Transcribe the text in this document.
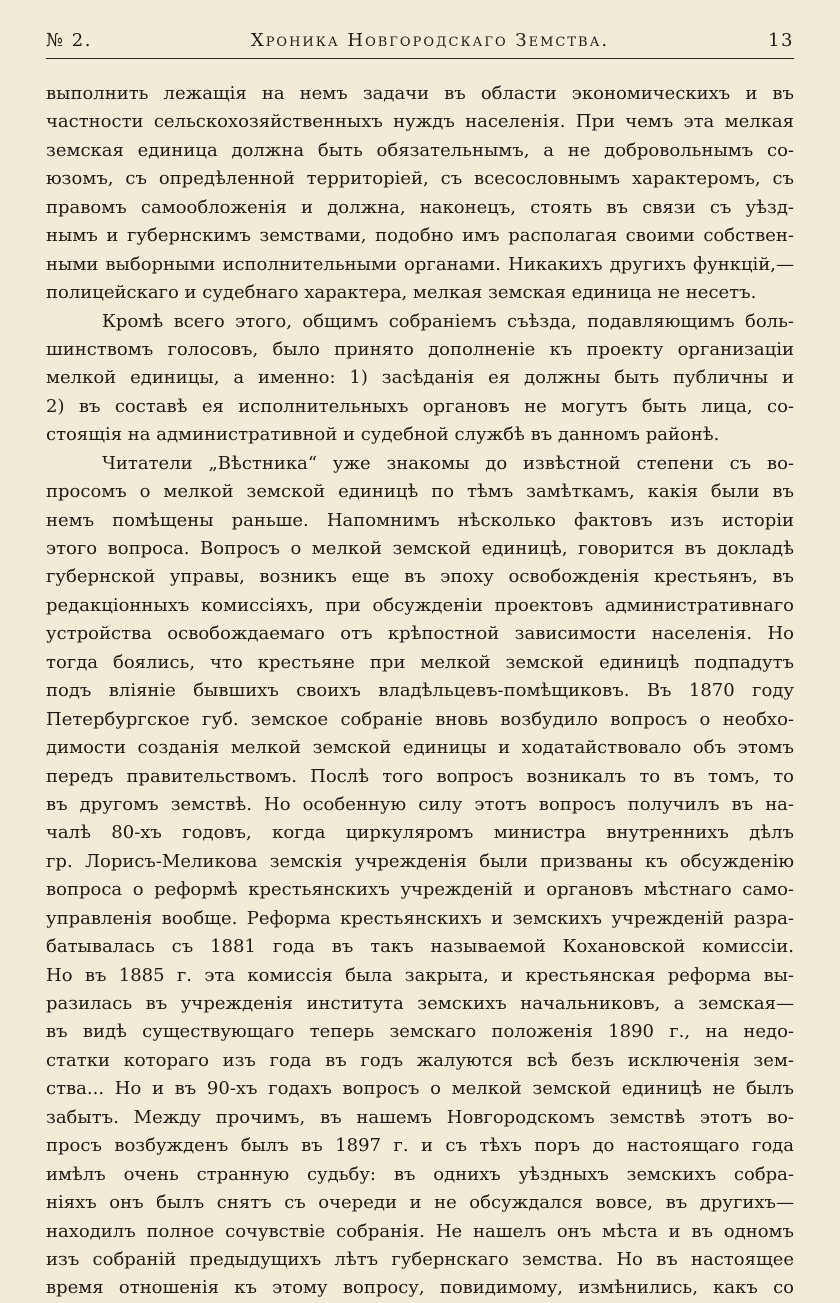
№ 2.	Хроника Новгородскаго Земства.	13
выполнить лежащія на немъ задачи въ области экономическихъ и въ
частности сельскохозяйственныхъ нуждъ населенія. При чемъ эта мелкая
земская единица должна быть обязательнымъ, а не добровольнымъ со-
юзомъ, съ опредѣленной территоріей, съ всесословнымъ характеромъ, съ
правомъ самообложенія и должна, наконецъ, стоять въ связи съ уѣзд-
нымъ и губернскимъ земствами, подобно имъ располагая своими собствен-
ными выборными исполнительными органами. Никакихъ другихъ функцій,—
полицейскаго и судебнаго характера, мелкая земская единица не несетъ.
Кромѣ всего этого, общимъ собраніемъ съѣзда, подавляющимъ боль-
шинствомъ голосовъ, было принято дополненіе къ проекту организаціи
мелкой единицы, а именно: 1) засѣданія ея должны быть публичны и
2) въ составѣ ея исполнительныхъ органовъ не могутъ быть лица, со-
стоящія на административной и судебной службѣ въ данномъ районѣ.
Читатели „Вѣстника“ уже знакомы до извѣстной степени съ во-
просомъ о мелкой земской единицѣ по тѣмъ замѣткамъ, какія были въ
немъ помѣщены раньше. Напомнимъ нѣсколько фактовъ изъ исторіи
этого вопроса. Вопросъ о мелкой земской единицѣ, говорится въ докладѣ
губернской управы, возникъ еще въ эпоху освобожденія крестьянъ, въ
редакціонныхъ комиссіяхъ, при обсужденіи проектовъ административнаго
устройства освобождаемаго отъ крѣпостной зависимости населенія. Но
тогда боялись, что крестьяне при мелкой земской единицѣ подпадутъ
подъ вліяніе бывшихъ своихъ владѣльцевъ-помѣщиковъ. Въ 1870 году
Петербургское губ. земское собраніе вновь возбудило вопросъ о необхо-
димости созданія мелкой земской единицы и ходатайствовало объ этомъ
передъ правительствомъ. Послѣ того вопросъ возникалъ то въ томъ, то
въ другомъ земствѣ. Но особенную силу этотъ вопросъ получилъ въ на-
чалѣ 80-хъ годовъ, когда циркуляромъ министра внутреннихъ дѣлъ
гр. Лорисъ-Меликова земскія учрежденія были призваны къ обсужденію
вопроса о реформѣ крестьянскихъ учрежденій и органовъ мѣстнаго само-
управленія вообще. Реформа крестьянскихъ и земскихъ учрежденій разра-
батывалась съ 1881 года въ такъ называемой Кохановской комиссіи.
Но въ 1885 г. эта комиссія была закрыта, и крестьянская реформа вы-
разилась въ учрежденія института земскихъ начальниковъ, а земская—
въ видѣ существующаго теперь земскаго положенія 1890 г., на недо-
статки котораго изъ года въ годъ жалуются всѣ безъ исключенія зем-
ства... Но и въ 90-хъ годахъ вопросъ о мелкой земской единицѣ не былъ
забытъ. Между прочимъ, въ нашемъ Новгородскомъ земствѣ этотъ во-
просъ возбужденъ былъ въ 1897 г. и съ тѣхъ поръ до настоящаго года
имѣлъ очень странную судьбу: въ однихъ уѣздныхъ земскихъ собра-
ніяхъ онъ былъ снятъ съ очереди и не обсуждался вовсе, въ другихъ—
находилъ полное сочувствіе собранія. Не нашелъ онъ мѣста и въ одномъ
изъ собраній предыдущихъ лѣтъ губернскаго земства. Но въ настоящее
время отношенія къ этому вопросу, повидимому, измѣнились, какъ со
